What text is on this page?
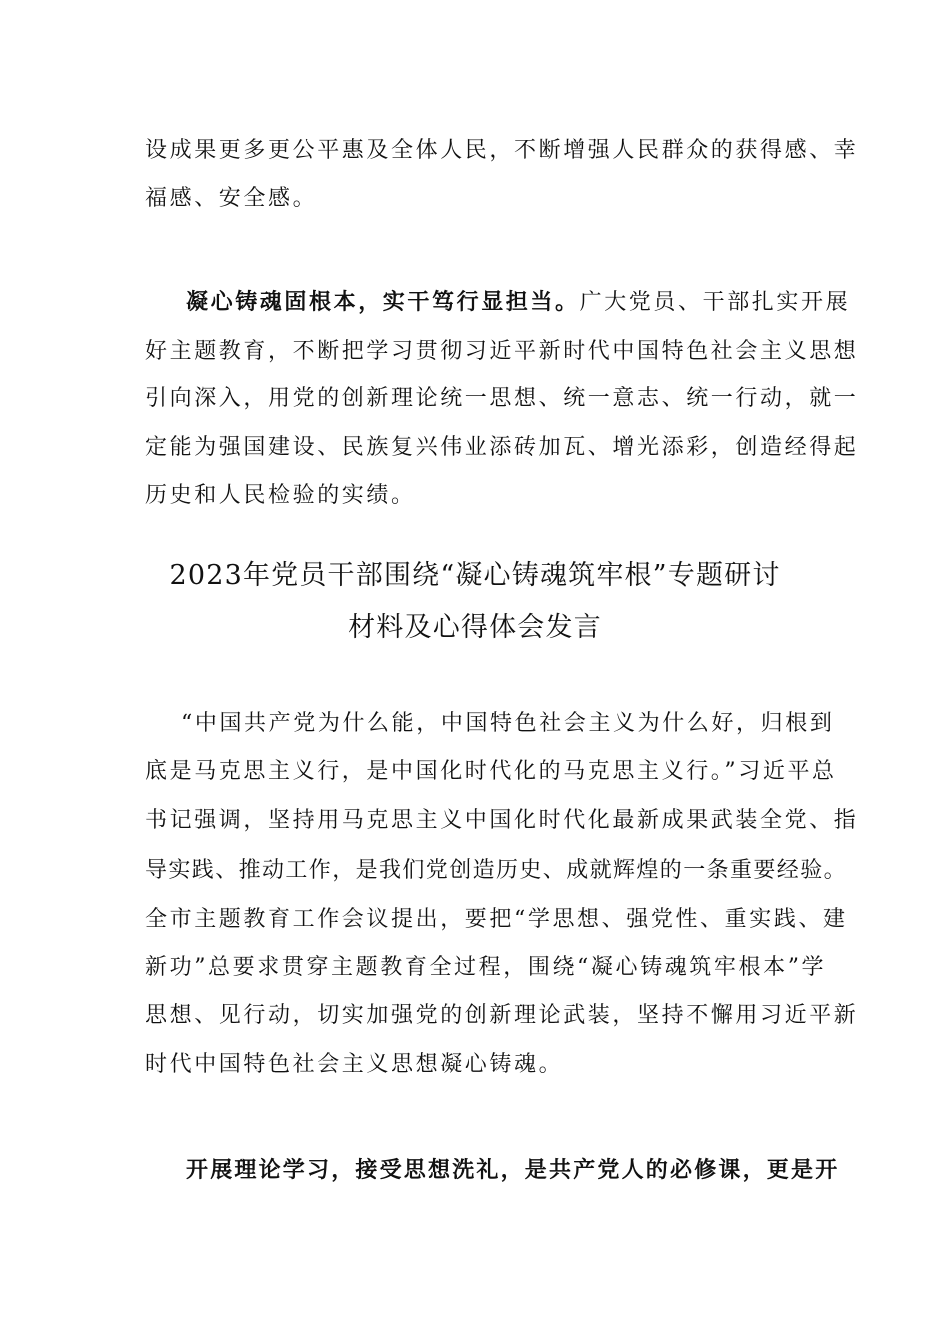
设成果更多更公平惠及全体人民，不断增强人民群众的获得感、幸
福感、安全感。
凝心铸魂固根本，实干笃行显担当。广大党员、干部扎实开展
好主题教育，不断把学习贯彻习近平新时代中国特色社会主义思想
引向深入，用党的创新理论统一思想、统一意志、统一行动，就一
定能为强国建设、民族复兴伟业添砖加瓦、增光添彩，创造经得起
历史和人民检验的实绩。
2023年党员干部围绕“凝心铸魂筑牢根”专题研讨
材料及心得体会发言
“中国共产党为什么能，中国特色社会主义为什么好，归根到
底是马克思主义行，是中国化时代化的马克思主义行。”习近平总
书记强调，坚持用马克思主义中国化时代化最新成果武装全党、指
导实践、推动工作，是我们党创造历史、成就辉煌的一条重要经验。
全市主题教育工作会议提出，要把“学思想、强党性、重实践、建
新功”总要求贯穿主题教育全过程，围绕“凝心铸魂筑牢根本”学
思想、见行动，切实加强党的创新理论武装，坚持不懈用习近平新
时代中国特色社会主义思想凝心铸魂。
开展理论学习，接受思想洗礼，是共产党人的必修课，更是开
